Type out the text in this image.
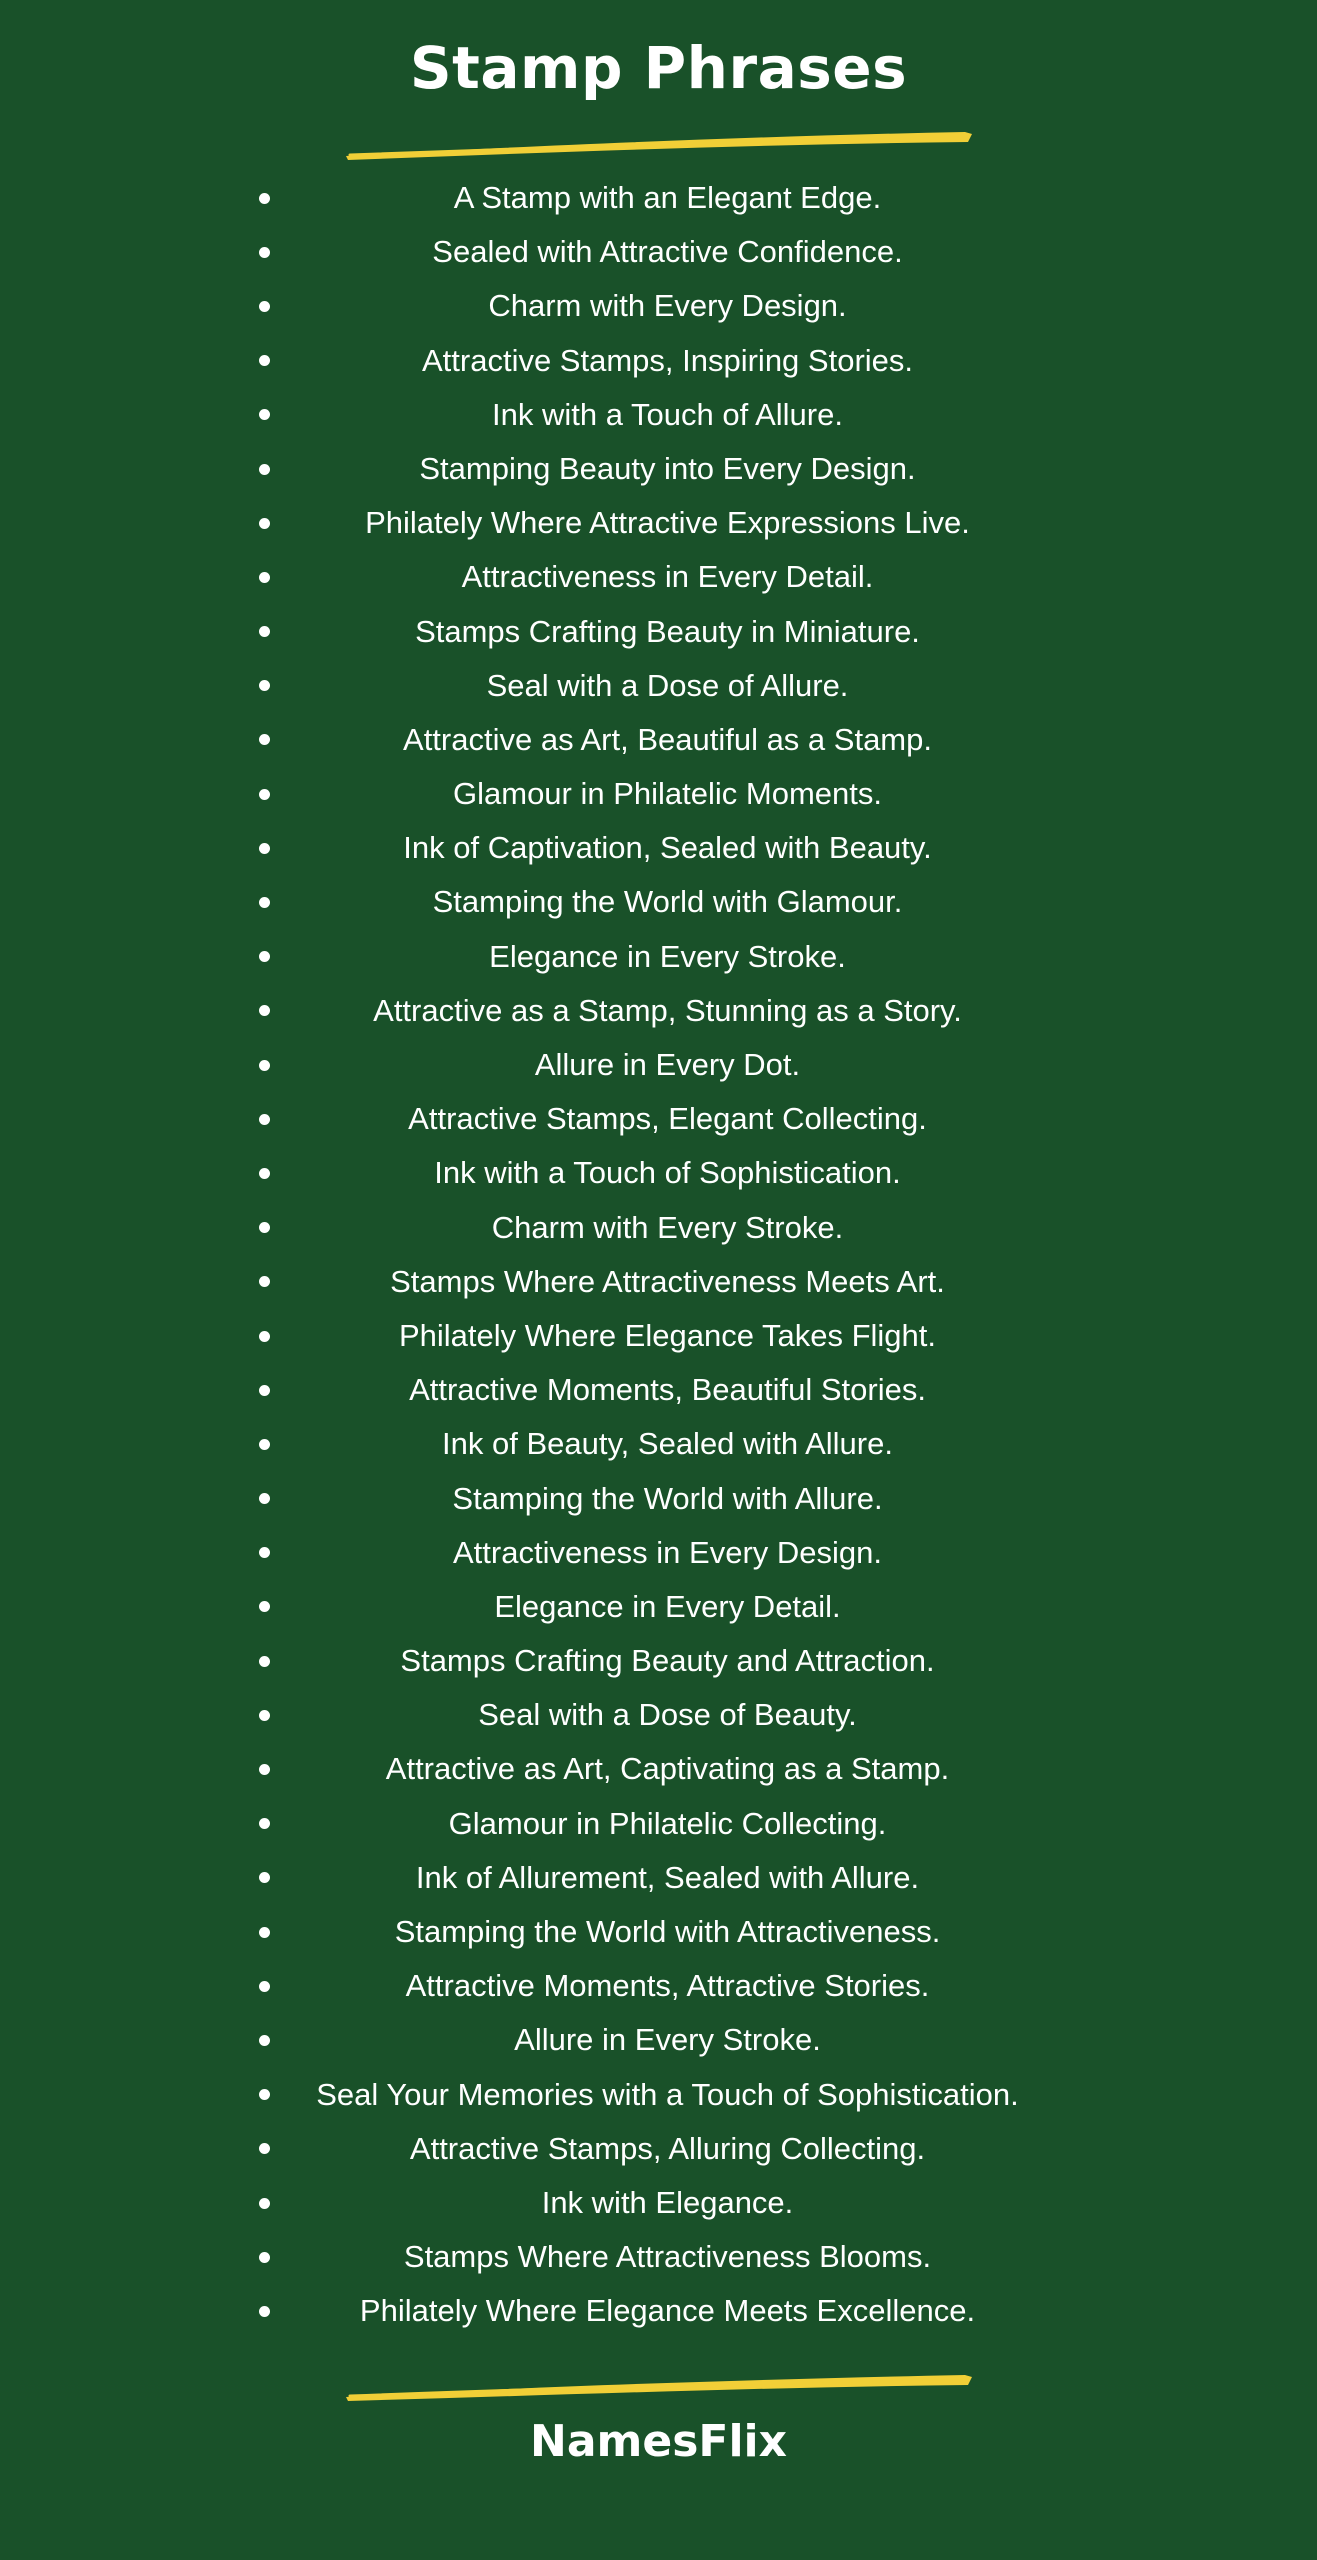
Stamp Phrases
A Stamp with an Elegant Edge.
Sealed with Attractive Confidence.
Charm with Every Design.
Attractive Stamps, Inspiring Stories.
Ink with a Touch of Allure.
Stamping Beauty into Every Design.
Philately Where Attractive Expressions Live.
Attractiveness in Every Detail.
Stamps Crafting Beauty in Miniature.
Seal with a Dose of Allure.
Attractive as Art, Beautiful as a Stamp.
Glamour in Philatelic Moments.
Ink of Captivation, Sealed with Beauty.
Stamping the World with Glamour.
Elegance in Every Stroke.
Attractive as a Stamp, Stunning as a Story.
Allure in Every Dot.
Attractive Stamps, Elegant Collecting.
Ink with a Touch of Sophistication.
Charm with Every Stroke.
Stamps Where Attractiveness Meets Art.
Philately Where Elegance Takes Flight.
Attractive Moments, Beautiful Stories.
Ink of Beauty, Sealed with Allure.
Stamping the World with Allure.
Attractiveness in Every Design.
Elegance in Every Detail.
Stamps Crafting Beauty and Attraction.
Seal with a Dose of Beauty.
Attractive as Art, Captivating as a Stamp.
Glamour in Philatelic Collecting.
Ink of Allurement, Sealed with Allure.
Stamping the World with Attractiveness.
Attractive Moments, Attractive Stories.
Allure in Every Stroke.
Seal Your Memories with a Touch of Sophistication.
Attractive Stamps, Alluring Collecting.
Ink with Elegance.
Stamps Where Attractiveness Blooms.
Philately Where Elegance Meets Excellence.
NamesFlix
